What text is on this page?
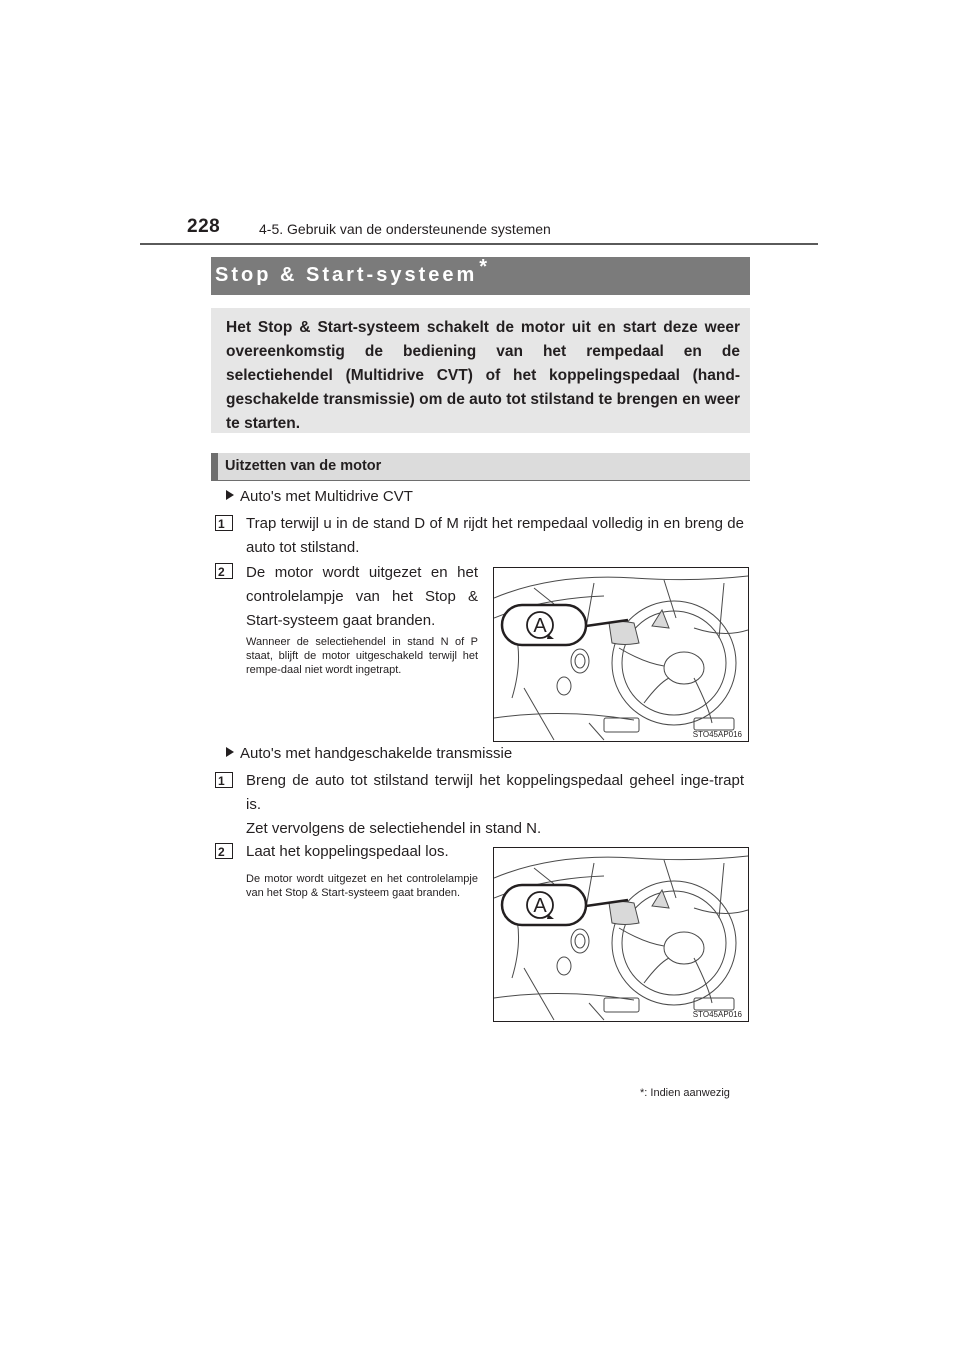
228	4-5. Gebruik van de ondersteunende systemen
Stop & Start-systeem *
Het Stop & Start-systeem schakelt de motor uit en start deze weer overeenkomstig de bediening van het rempedaal en de selectiehendel (Multidrive CVT) of het koppelingspedaal (hand-geschakelde transmissie) om de auto tot stilstand te brengen en weer te starten.
Uitzetten van de motor
Auto's met Multidrive CVT
1	Trap terwijl u in de stand D of M rijdt het rempedaal volledig in en breng de auto tot stilstand.
2	De motor wordt uitgezet en het controlelampje van het Stop & Start-systeem gaat branden.
Wanneer de selectiehendel in stand N of P staat, blijft de motor uitgeschakeld terwijl het rempe-daal niet wordt ingetrapt.
A
STO45AP016
Auto's met handgeschakelde transmissie
1	Breng de auto tot stilstand terwijl het koppelingspedaal geheel inge-trapt is.
Zet vervolgens de selectiehendel in stand N.
2	Laat het koppelingspedaal los.
De motor wordt uitgezet en het controlelampje van het Stop & Start-systeem gaat branden.
A
STO45AP016
*: Indien aanwezig
